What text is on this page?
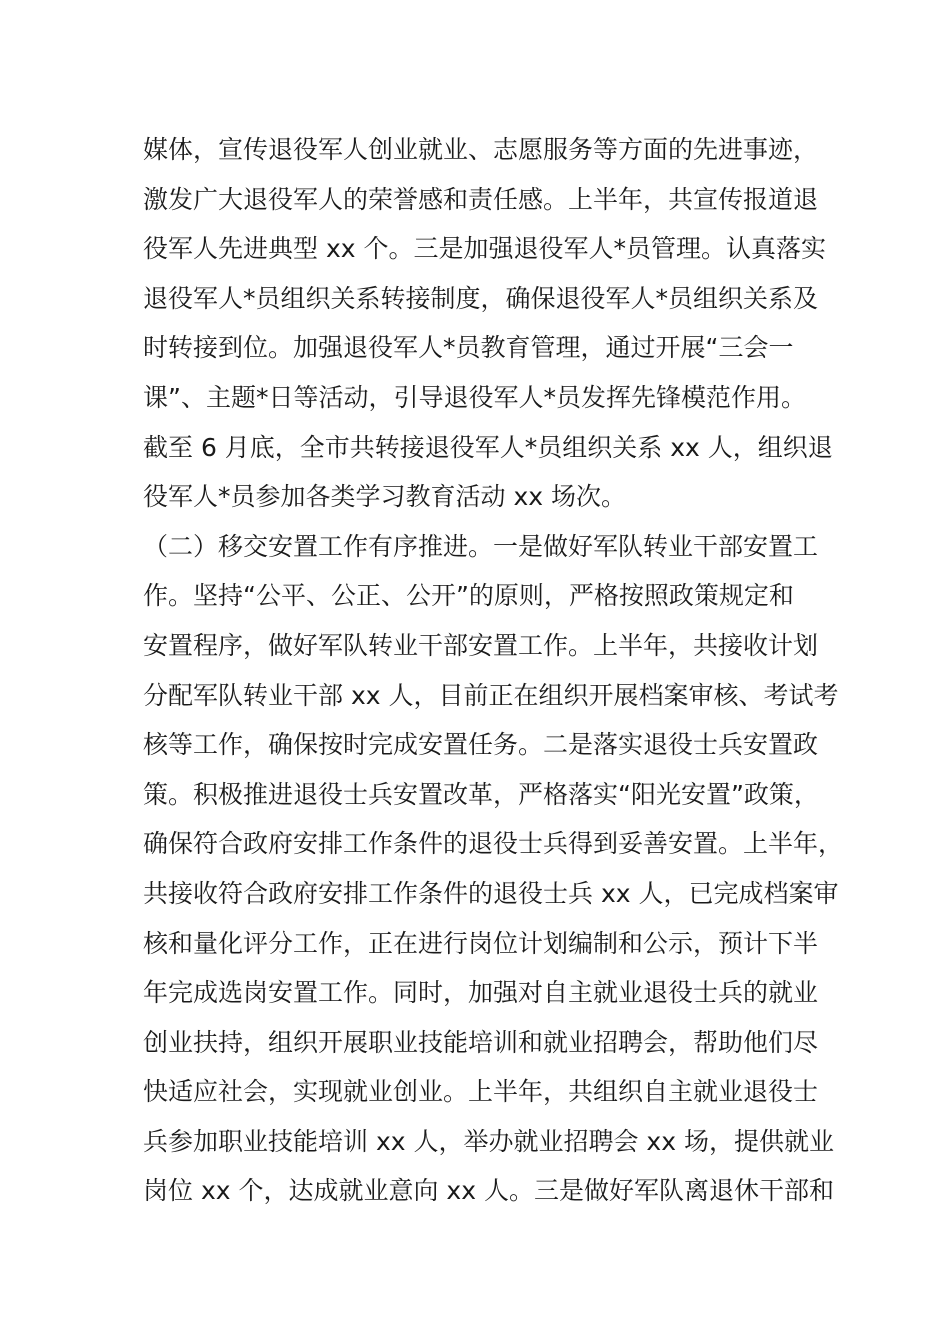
媒体，宣传退役军人创业就业、志愿服务等方面的先进事迹，
激发广大退役军人的荣誉感和责任感。上半年，共宣传报道退
役军人先进典型 xx 个。三是加强退役军人*员管理。认真落实
退役军人*员组织关系转接制度，确保退役军人*员组织关系及
时转接到位。加强退役军人*员教育管理，通过开展“三会一
课”、主题*日等活动，引导退役军人*员发挥先锋模范作用。
截至 6 月底，全市共转接退役军人*员组织关系 xx 人，组织退
役军人*员参加各类学习教育活动 xx 场次。
（二）移交安置工作有序推进。一是做好军队转业干部安置工
作。坚持“公平、公正、公开”的原则，严格按照政策规定和
安置程序，做好军队转业干部安置工作。上半年，共接收计划
分配军队转业干部 xx 人，目前正在组织开展档案审核、考试考
核等工作，确保按时完成安置任务。二是落实退役士兵安置政
策。积极推进退役士兵安置改革，严格落实“阳光安置”政策，
确保符合政府安排工作条件的退役士兵得到妥善安置。上半年，
共接收符合政府安排工作条件的退役士兵 xx 人，已完成档案审
核和量化评分工作，正在进行岗位计划编制和公示，预计下半
年完成选岗安置工作。同时，加强对自主就业退役士兵的就业
创业扶持，组织开展职业技能培训和就业招聘会，帮助他们尽
快适应社会，实现就业创业。上半年，共组织自主就业退役士
兵参加职业技能培训 xx 人，举办就业招聘会 xx 场，提供就业
岗位 xx 个，达成就业意向 xx 人。三是做好军队离退休干部和
